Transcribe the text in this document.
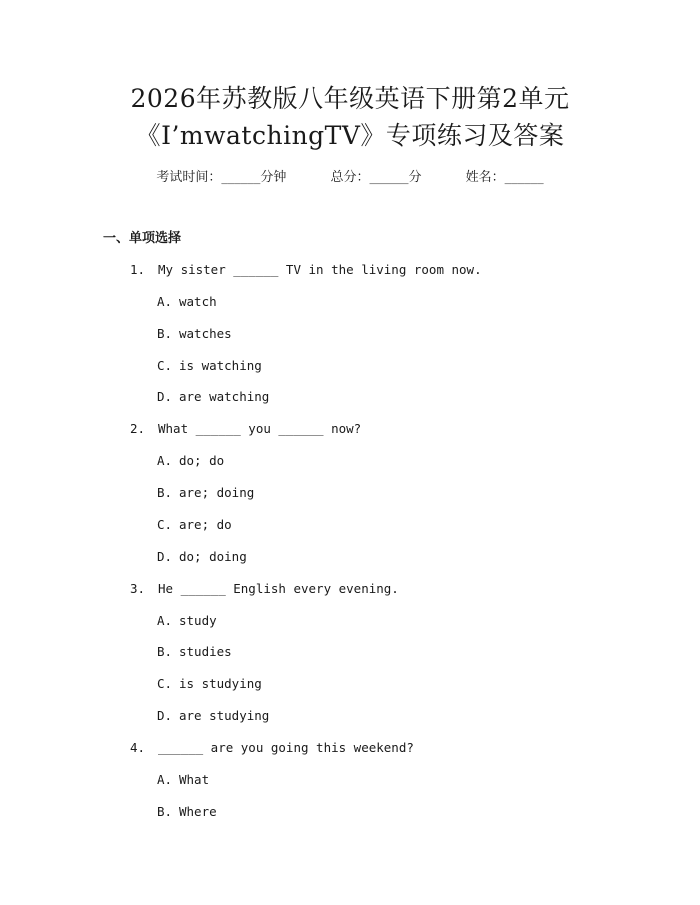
2026年苏教版八年级英语下册第2单元
《I’mwatchingTV》专项练习及答案
考试时间：______分钟	总分：______分	姓名：______
一、单项选择
1. My sister ______ TV in the living room now.
A. watch
B. watches
C. is watching
D. are watching
2. What ______ you ______ now?
A. do; do
B. are; doing
C. are; do
D. do; doing
3. He ______ English every evening.
A. study
B. studies
C. is studying
D. are studying
4. ______ are you going this weekend?
A. What
B. Where
